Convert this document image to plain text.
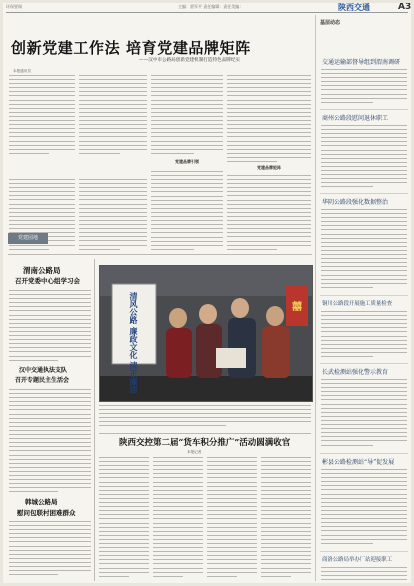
环保要闻	主编：贾军平 责任编辑：责任美编：	陕西交通	A3
创新党建工作法 培育党建品牌矩阵
——汉中市公路局创新党建机制打造特色品牌纪实
本报通讯员
党建品牌引领
党建品牌矩阵
党建园地
渭南公路局
召开党委中心组学习会
汉中交通执法支队
召开专题民主生活会
韩城公路局
慰问包联村困难群众
清风公路 廉政文化 清正廉洁	囍
陕西交控第二届“货车积分推广”活动圆满收官
本报记者
基层动态
交通运输部督导组到渭南调研
商州公路段慰问退休职工
华阴公路段强化数据整治
铜川公路段开展施工质量检查
长武检测站强化警示教育
彬县公路检测站“导”促发展
商洛公路局举办厂站迎接职工
